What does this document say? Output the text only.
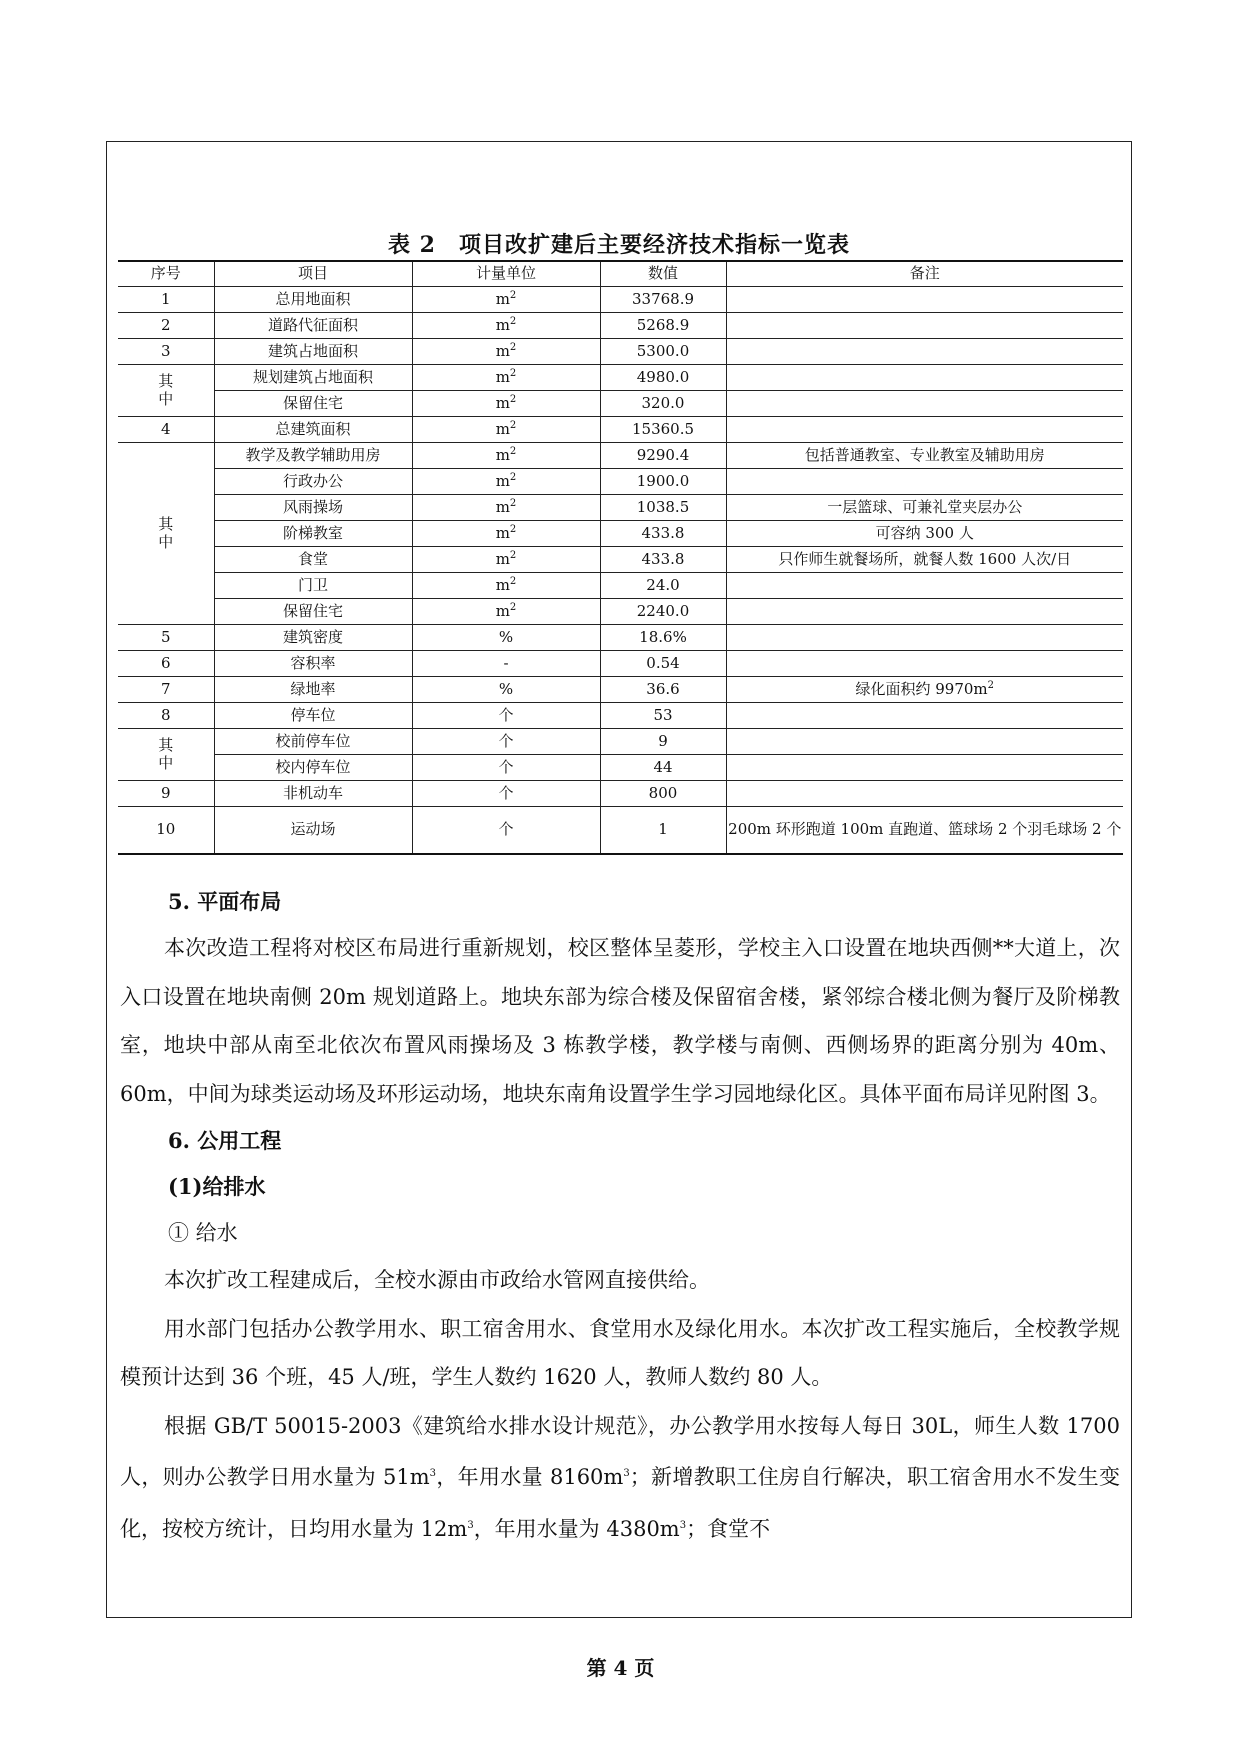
表 2　项目改扩建后主要经济技术指标一览表
序号	项目	计量单位	数值	备注
1	总用地面积	$m^2$	33768.9	
2	道路代征面积	$m^2$	5268.9	
3	建筑占地面积	$m^2$	5300.0	
其
中	规划建筑占地面积	$m^2$	4980.0	
	保留住宅	$m^2$	320.0	
4	总建筑面积	$m^2$	15360.5	
其
中	教学及教学辅助用房	$m^2$	9290.4	包括普通教室、专业教室及辅助用房
	行政办公	$m^2$	1900.0	
	风雨操场	$m^2$	1038.5	一层篮球、可兼礼堂夹层办公
	阶梯教室	$m^2$	433.8	可容纳 300 人
	食堂	$m^2$	433.8	只作师生就餐场所，就餐人数 1600 人次/日
	门卫	$m^2$	24.0	
	保留住宅	$m^2$	2240.0	
5	建筑密度	%	18.6%	
6	容积率	-	0.54	
7	绿地率	%	36.6	绿化面积约 $9970m^2$
8	停车位	个	53	
其
中	校前停车位	个	9	
	校内停车位	个	44	
9	非机动车	个	800	
10	运动场	个	1	200m 环形跑道 100m 直跑道、篮球场 2 个羽毛球场 2 个

5. 平面布局

本次改造工程将对校区布局进行重新规划，校区整体呈菱形，学校主入口设置在地块西侧**大道上，次入口设置在地块南侧 20m 规划道路上。地块东部为综合楼及保留宿舍楼，紧邻综合楼北侧为餐厅及阶梯教室，地块中部从南至北依次布置风雨操场及 3 栋教学楼，教学楼与南侧、西侧场界的距离分别为 40m、60m，中间为球类运动场及环形运动场，地块东南角设置学生学习园地绿化区。具体平面布局详见附图 3。

6. 公用工程

(1)给排水

① 给水

本次扩改工程建成后，全校水源由市政给水管网直接供给。

用水部门包括办公教学用水、职工宿舍用水、食堂用水及绿化用水。本次扩改工程实施后，全校教学规模预计达到 36 个班，45 人/班，学生人数约 1620 人，教师人数约 80 人。

根据 GB/T 50015-2003《建筑给水排水设计规范》，办公教学用水按每人每日 30L，师生人数 1700 人，则办公教学日用水量为 $51m^3$，年用水量 $8160m^3$；新增教职工住房自行解决，职工宿舍用水不发生变化，按校方统计，日均用水量为 $12m^3$，年用水量为 $4380m^3$；食堂不

第 4 页
